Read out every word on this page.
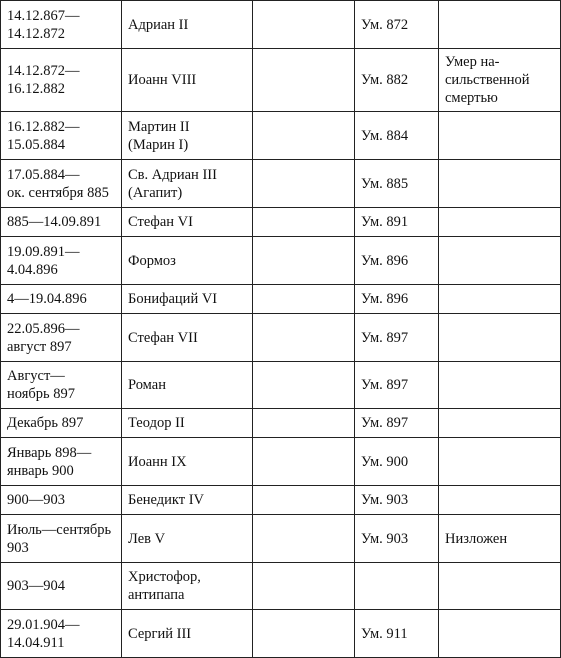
14.12.867—
14.12.872	Адриан II		Ум. 872	
14.12.872—
16.12.882	Иоанн VIII		Ум. 882	Умер на-
сильственной
смертью
16.12.882—
15.05.884	Мартин II
(Марин I)		Ум. 884	
17.05.884—
ок. сентября 885	Св. Адриан III
(Агапит)		Ум. 885	
885—14.09.891	Стефан VI		Ум. 891	
19.09.891—
4.04.896	Формоз		Ум. 896	
4—19.04.896	Бонифаций VI		Ум. 896	
22.05.896—
август 897	Стефан VII		Ум. 897	
Август—
ноябрь 897	Роман		Ум. 897	
Декабрь 897	Теодор II		Ум. 897	
Январь 898—
январь 900	Иоанн IX		Ум. 900	
900—903	Бенедикт IV		Ум. 903	
Июль—сентябрь
903	Лев V		Ум. 903	Низложен
903—904	Христофор,
антипапа			
29.01.904—
14.04.911	Сергий III		Ум. 911	
